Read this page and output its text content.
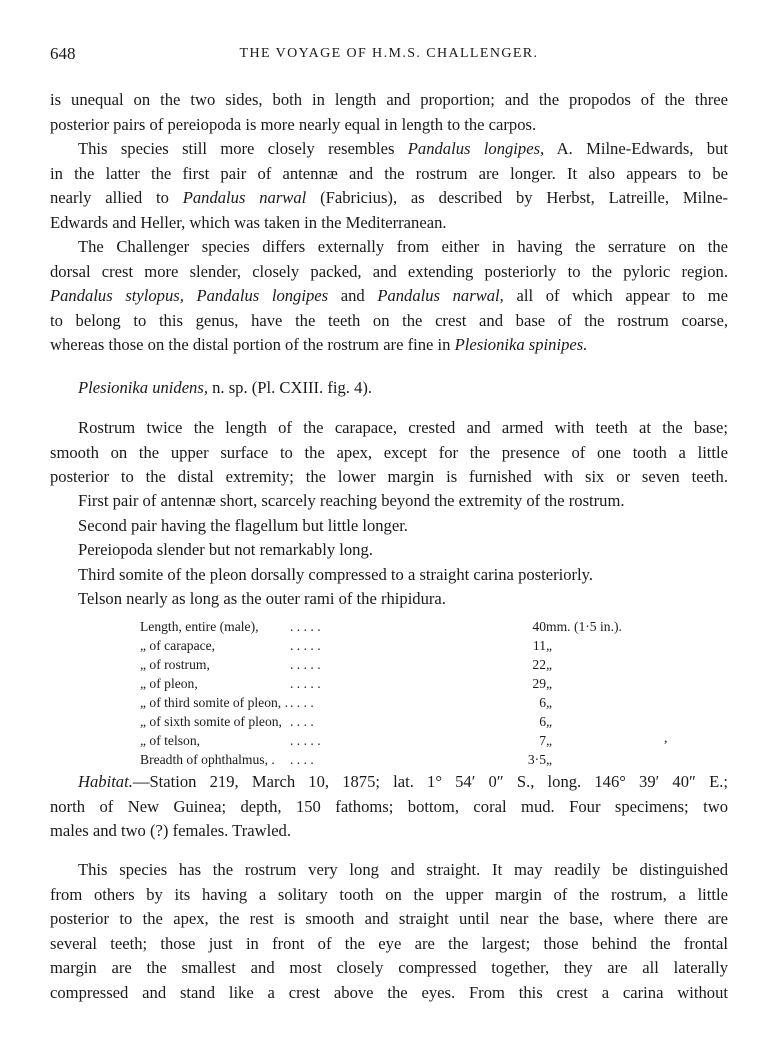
648	THE VOYAGE OF H.M.S. CHALLENGER.

is unequal on the two sides, both in length and proportion; and the propodos of the three
posterior pairs of pereiopoda is more nearly equal in length to the carpos.

This species still more closely resembles Pandalus longipes, A. Milne-Edwards, but
in the latter the first pair of antennæ and the rostrum are longer. It also appears to be
nearly allied to Pandalus narwal (Fabricius), as described by Herbst, Latreille, Milne-
Edwards and Heller, which was taken in the Mediterranean.

The Challenger species differs externally from either in having the serrature on the
dorsal crest more slender, closely packed, and extending posteriorly to the pyloric region.
Pandalus stylopus, Pandalus longipes and Pandalus narwal, all of which appear to me
to belong to this genus, have the teeth on the crest and base of the rostrum coarse,
whereas those on the distal portion of the rostrum are fine in Plesionika spinipes.

Plesionika unidens, n. sp. (Pl. CXIII. fig. 4).

Rostrum twice the length of the carapace, crested and armed with teeth at the base;
smooth on the upper surface to the apex, except for the presence of one tooth a little
posterior to the distal extremity; the lower margin is furnished with six or seven teeth.

First pair of antennæ short, scarcely reaching beyond the extremity of the rostrum.
Second pair having the flagellum but little longer.
Pereiopoda slender but not remarkably long.
Third somite of the pleon dorsally compressed to a straight carina posteriorly.
Telson nearly as long as the outer rami of the rhipidura.

Length, entire (male),	. . . . .	40	mm. (1·5 in.).
„ of carapace,	. . . . .	11	„
„ of rostrum,	. . . . .	22	„
„ of pleon,	. . . . .	29	„
„ of third somite of pleon, .	. . . .	6	„
„ of sixth somite of pleon,	. . . .	6	„
„ of telson,	. . . . .	7	„
Breadth of ophthalmus, .	. . . .	3·5	„
,

Habitat.—Station 219, March 10, 1875; lat. 1° 54′ 0″ S., long. 146° 39′ 40″ E.;
north of New Guinea; depth, 150 fathoms; bottom, coral mud. Four specimens; two
males and two (?) females. Trawled.

This species has the rostrum very long and straight. It may readily be distinguished
from others by its having a solitary tooth on the upper margin of the rostrum, a little
posterior to the apex, the rest is smooth and straight until near the base, where there are
several teeth; those just in front of the eye are the largest; those behind the frontal
margin are the smallest and most closely compressed together, they are all laterally
compressed and stand like a crest above the eyes. From this crest a carina without
